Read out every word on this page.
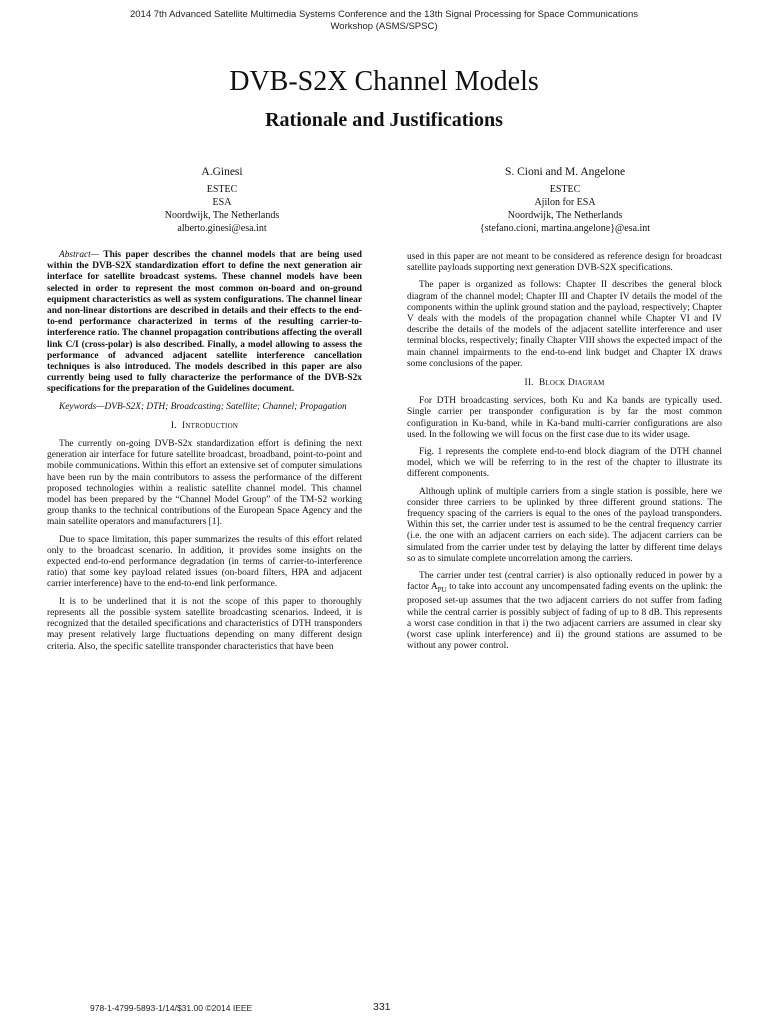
2014 7th Advanced Satellite Multimedia Systems Conference and the 13th Signal Processing for Space Communications
Workshop (ASMS/SPSC)
DVB-S2X Channel Models
Rationale and Justifications
A.Ginesi
ESTEC
ESA
Noordwijk, The Netherlands
alberto.ginesi@esa.int
S. Cioni and M. Angelone
ESTEC
Ajilon for ESA
Noordwijk, The Netherlands
{stefano.cioni, martina.angelone}@esa.int

Abstract— This paper describes the channel models that are being used within the DVB-S2X standardization effort to define the next generation air interface for satellite broadcast systems. These channel models have been selected in order to represent the most common on-board and on-ground equipment characteristics as well as system configurations. The channel linear and non-linear distortions are described in details and their effects to the end-to-end performance characterized in terms of the resulting carrier-to-interference ratio. The channel propagation contributions affecting the overall link C/I (cross-polar) is also described. Finally, a model allowing to assess the performance of advanced adjacent satellite interference cancellation techniques is also introduced. The models described in this paper are also currently being used to fully characterize the performance of the DVB-S2x specifications for the preparation of the Guidelines document.

Keywords—DVB-S2X; DTH; Broadcasting; Satellite; Channel; Propagation

I. Introduction

The currently on-going DVB-S2x standardization effort is defining the next generation air interface for future satellite broadcast, broadband, point-to-point and mobile communications. Within this effort an extensive set of computer simulations have been run by the main contributors to assess the performance of the different proposed technologies within a realistic satellite channel model. This channel model has been prepared by the “Channel Model Group” of the TM-S2 working group thanks to the technical contributions of the European Space Agency and the main satellite operators and manufacturers [1].

Due to space limitation, this paper summarizes the results of this effort related only to the broadcast scenario. In addition, it provides some insights on the expected end-to-end performance degradation (in terms of carrier-to-interference ratio) that some key payload related issues (on-board filters, HPA and adjacent carrier interference) have to the end-to-end link performance.

It is to be underlined that it is not the scope of this paper to thoroughly represents all the possible system satellite broadcasting scenarios. Indeed, it is recognized that the detailed specifications and characteristics of DTH transponders may present relatively large fluctuations depending on many different design criteria. Also, the specific satellite transponder characteristics that have been

used in this paper are not meant to be considered as reference design for broadcast satellite payloads supporting next generation DVB-S2X specifications.

The paper is organized as follows: Chapter II describes the general block diagram of the channel model; Chapter III and Chapter IV details the model of the components within the uplink ground station and the payload, respectively; Chapter V deals with the models of the propagation channel while Chapter VI and IV describe the details of the models of the adjacent satellite interference and user terminal blocks, respectively; finally Chapter VIII shows the expected impact of the main channel impairments to the end-to-end link budget and Chapter IX draws some conclusions of the paper.

II. Block Diagram

For DTH broadcasting services, both Ku and Ka bands are typically used. Single carrier per transponder configuration is by far the most common configuration in Ku-band, while in Ka-band multi-carrier configurations are also used. In the following we will focus on the first case due to its wider usage.

Fig. 1 represents the complete end-to-end block diagram of the DTH channel model, which we will be referring to in the rest of the chapter to illustrate its different components.

Although uplink of multiple carriers from a single station is possible, here we consider three carriers to be uplinked by three different ground stations. The frequency spacing of the carriers is equal to the ones of the payload transponders. Within this set, the carrier under test is assumed to be the central frequency carrier (i.e. the one with an adjacent carriers on each side). The adjacent carriers can be simulated from the carrier under test by delaying the latter by different time delays so as to simulate complete uncorrelation among the carriers.

The carrier under test (central carrier) is also optionally reduced in power by a factor $A_{PU}$ to take into account any uncompensated fading events on the uplink: the proposed set-up assumes that the two adjacent carriers do not suffer from fading while the central carrier is possibly subject of fading of up to 8 dB. This represents a worst case condition in that i) the two adjacent carriers are assumed in clear sky (worst case uplink interference) and ii) the ground stations are assumed to be without any power control.

978-1-4799-5893-1/14/$31.00 ©2014 IEEE	331
